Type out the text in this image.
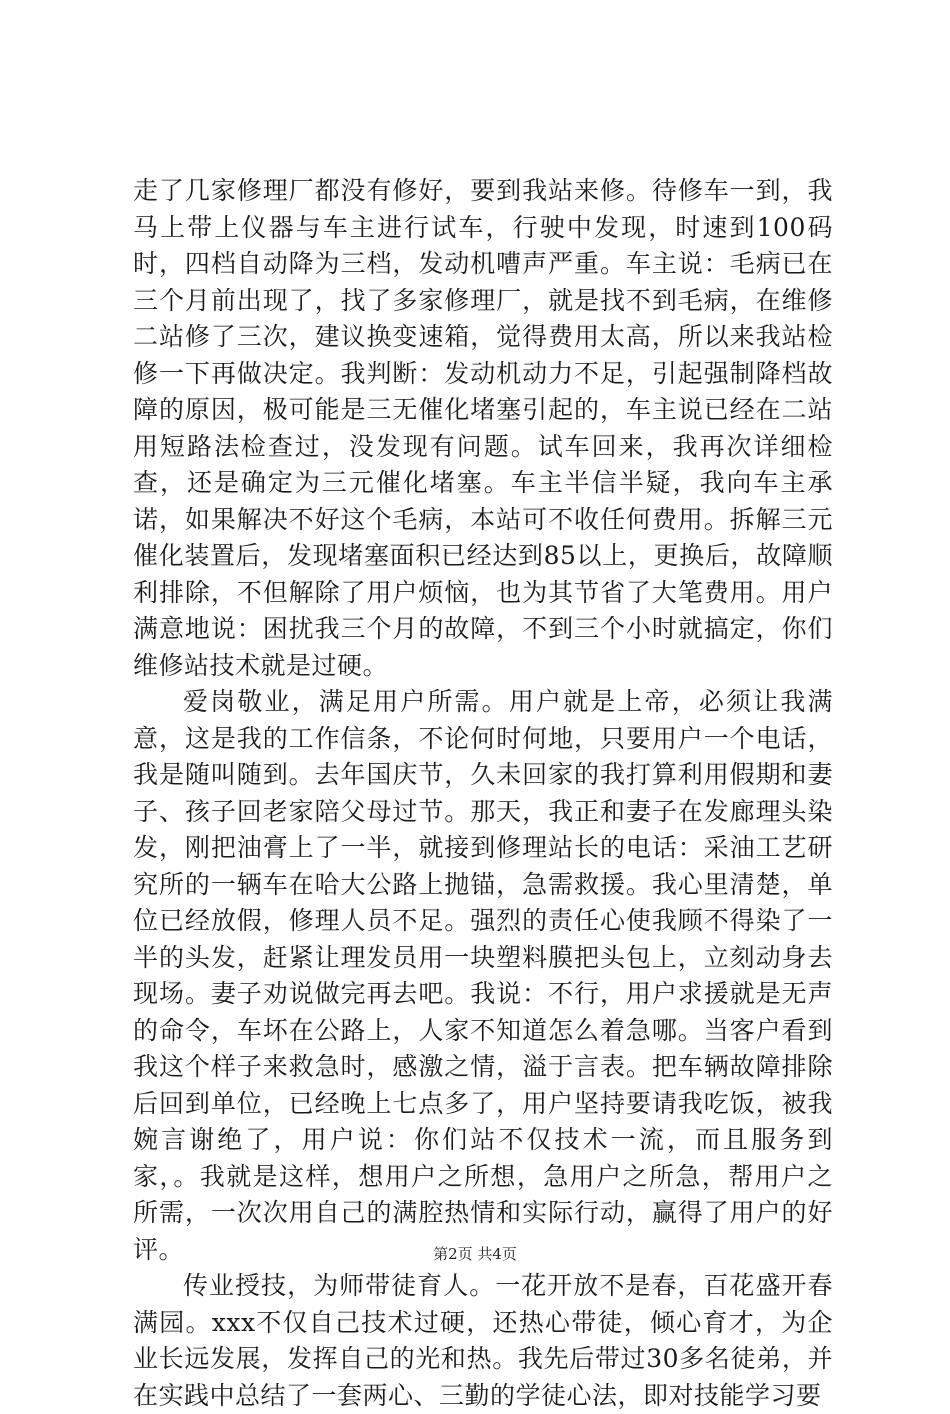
走了几家修理厂都没有修好，要到我站来修。待修车一到，我马上带上仪器与车主进行试车，行驶中发现，时速到100码时，四档自动降为三档，发动机嘈声严重。车主说：毛病已在三个月前出现了，找了多家修理厂，就是找不到毛病，在维修二站修了三次，建议换变速箱，觉得费用太高，所以来我站检修一下再做决定。我判断：发动机动力不足，引起强制降档故障的原因，极可能是三无催化堵塞引起的，车主说已经在二站用短路法检查过，没发现有问题。试车回来，我再次详细检查，还是确定为三元催化堵塞。车主半信半疑，我向车主承诺，如果解决不好这个毛病，本站可不收任何费用。拆解三元催化装置后，发现堵塞面积已经达到85以上，更换后，故障顺利排除，不但解除了用户烦恼，也为其节省了大笔费用。用户满意地说：困扰我三个月的故障，不到三个小时就搞定，你们维修站技术就是过硬。

爱岗敬业，满足用户所需。用户就是上帝，必须让我满意，这是我的工作信条，不论何时何地，只要用户一个电话，我是随叫随到。去年国庆节，久未回家的我打算利用假期和妻子、孩子回老家陪父母过节。那天，我正和妻子在发廊理头染发，刚把油膏上了一半，就接到修理站长的电话：采油工艺研究所的一辆车在哈大公路上抛锚，急需救援。我心里清楚，单位已经放假，修理人员不足。强烈的责任心使我顾不得染了一半的头发，赶紧让理发员用一块塑料膜把头包上，立刻动身去现场。妻子劝说做完再去吧。我说：不行，用户求援就是无声的命令，车坏在公路上，人家不知道怎么着急哪。当客户看到我这个样子来救急时，感激之情，溢于言表。把车辆故障排除后回到单位，已经晚上七点多了，用户坚持要请我吃饭，被我婉言谢绝了，用户说：你们站不仅技术一流，而且服务到家，。我就是这样，想用户之所想，急用户之所急，帮用户之所需，一次次用自己的满腔热情和实际行动，赢得了用户的好评。

传业授技，为师带徒育人。一花开放不是春，百花盛开春满园。xxx不仅自己技术过硬，还热心带徒，倾心育才，为企业长远发展，发挥自己的光和热。我先后带过30多名徒弟，并在实践中总结了一套两心、三勤的学徒心法，即对技能学习要

第2页 共4页
